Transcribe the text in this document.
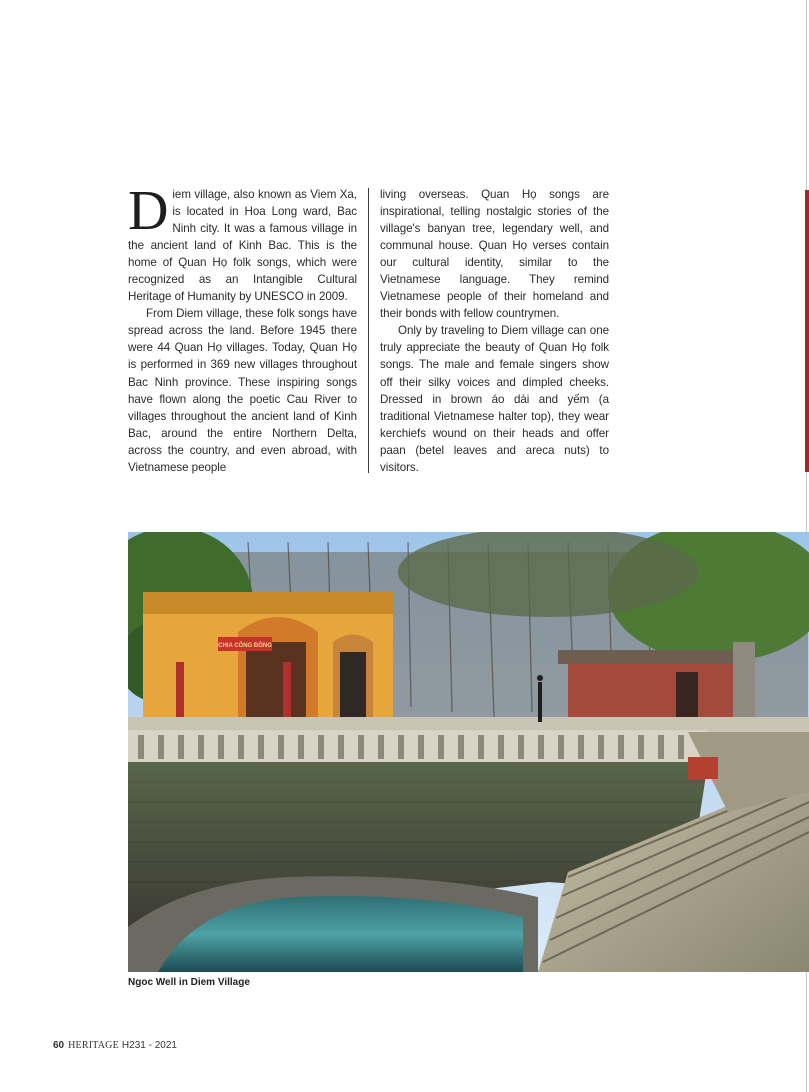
Diem village, also known as Viem Xa, is located in Hoa Long ward, Bac Ninh city. It was a famous village in the ancient land of Kinh Bac. This is the home of Quan Họ folk songs, which were recognized as an Intangible Cultural Heritage of Humanity by UNESCO in 2009.

From Diem village, these folk songs have spread across the land. Before 1945 there were 44 Quan Họ villages. Today, Quan Họ is performed in 369 new villages throughout Bac Ninh province. These inspiring songs have flown along the poetic Cau River to villages throughout the ancient land of Kinh Bac, around the entire Northern Delta, across the country, and even abroad, with Vietnamese people

living overseas. Quan Họ songs are inspirational, telling nostalgic stories of the village's banyan tree, legendary well, and communal house. Quan Họ verses contain our cultural identity, similar to the Vietnamese language. They remind Vietnamese people of their homeland and their bonds with fellow countrymen.

Only by traveling to Diem village can one truly appreciate the beauty of Quan Họ folk songs. The male and female singers show off their silky voices and dimpled cheeks. Dressed in brown áo dài and yếm (a traditional Vietnamese halter top), they wear kerchiefs wound on their heads and offer paan (betel leaves and areca nuts) to visitors.

CHIA CÔNG ĐỒNG
Ngoc Well in Diem Village
60 HERITAGE H231 - 2021
